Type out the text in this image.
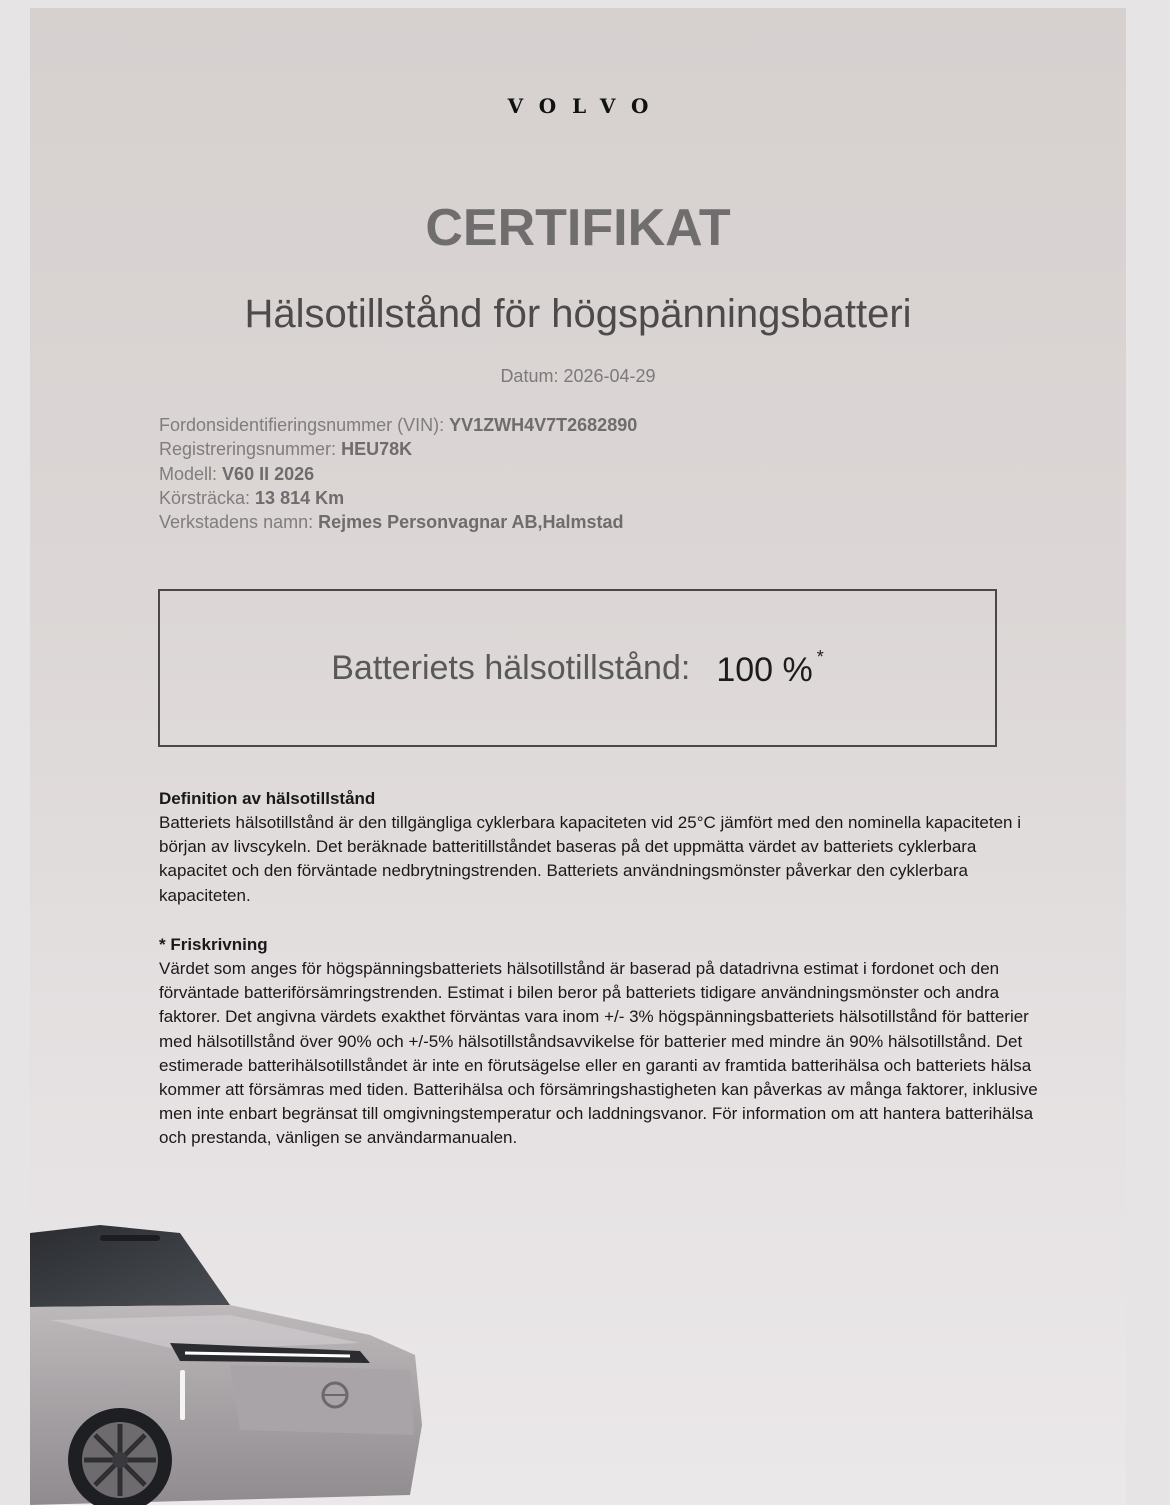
VOLVO
CERTIFIKAT
Hälsotillstånd för högspänningsbatteri
Datum: 2026-04-29
Fordonsidentifieringsnummer (VIN): YV1ZWH4V7T2682890
Registreringsnummer: HEU78K
Modell: V60 II 2026
Körsträcka: 13 814 Km
Verkstadens namn: Rejmes Personvagnar AB,Halmstad
Batteriets hälsotillstånd: 100 % *
Definition av hälsotillstånd

Batteriets hälsotillstånd är den tillgängliga cyklerbara kapaciteten vid 25°C jämfört med den nominella kapaciteten i början av livscykeln. Det beräknade batteritillståndet baseras på det uppmätta värdet av batteriets cyklerbara kapacitet och den förväntade nedbrytningstrenden. Batteriets användningsmönster påverkar den cyklerbara kapaciteten.

* Friskrivning

Värdet som anges för högspänningsbatteriets hälsotillstånd är baserad på datadrivna estimat i fordonet och den förväntade batteriförsämringstrenden. Estimat i bilen beror på batteriets tidigare användningsmönster och andra faktorer. Det angivna värdets exakthet förväntas vara inom +/- 3% högspänningsbatteriets hälsotillstånd för batterier med hälsotillstånd över 90% och +/-5% hälsotillståndsavvikelse för batterier med mindre än 90% hälsotillstånd. Det estimerade batterihälsotillståndet är inte en förutsägelse eller en garanti av framtida batterihälsa och batteriets hälsa kommer att försämras med tiden. Batterihälsa och försämringshastigheten kan påverkas av många faktorer, inklusive men inte enbart begränsat till omgivningstemperatur och laddningsvanor. För information om att hantera batterihälsa och prestanda, vänligen se användarmanualen.
